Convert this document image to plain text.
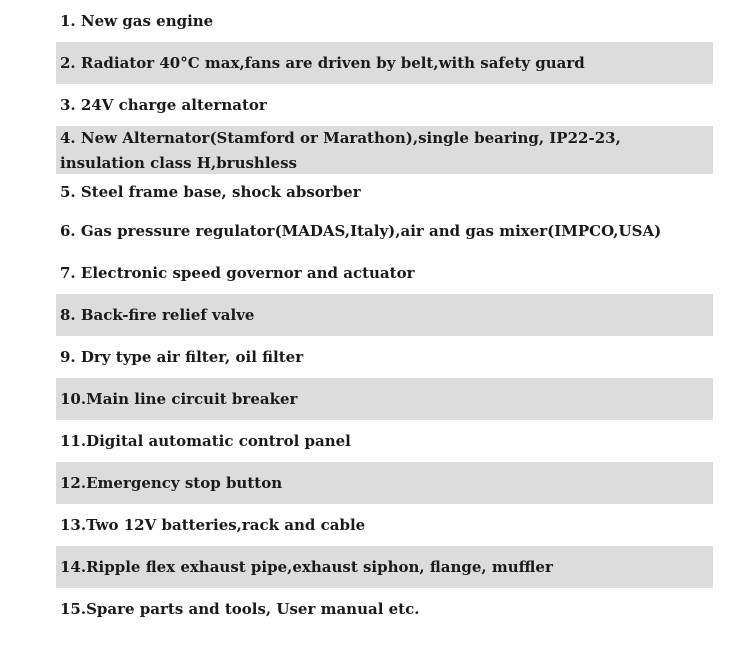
1. New gas engine
2. Radiator 40°C max,fans are driven by belt,with safety guard
3. 24V charge alternator
4. New Alternator(Stamford or Marathon),single bearing, IP22-23, insulation class H,brushless
5. Steel frame base, shock absorber
6. Gas pressure regulator(MADAS,Italy),air and gas mixer(IMPCO,USA)
7. Electronic speed governor and actuator
8. Back-fire relief valve
9. Dry type air filter, oil filter
10.Main line circuit breaker
11.Digital automatic control panel
12.Emergency stop button
13.Two 12V batteries,rack and cable
14.Ripple flex exhaust pipe,exhaust siphon, flange, muffler
15.Spare parts and tools, User manual etc.
